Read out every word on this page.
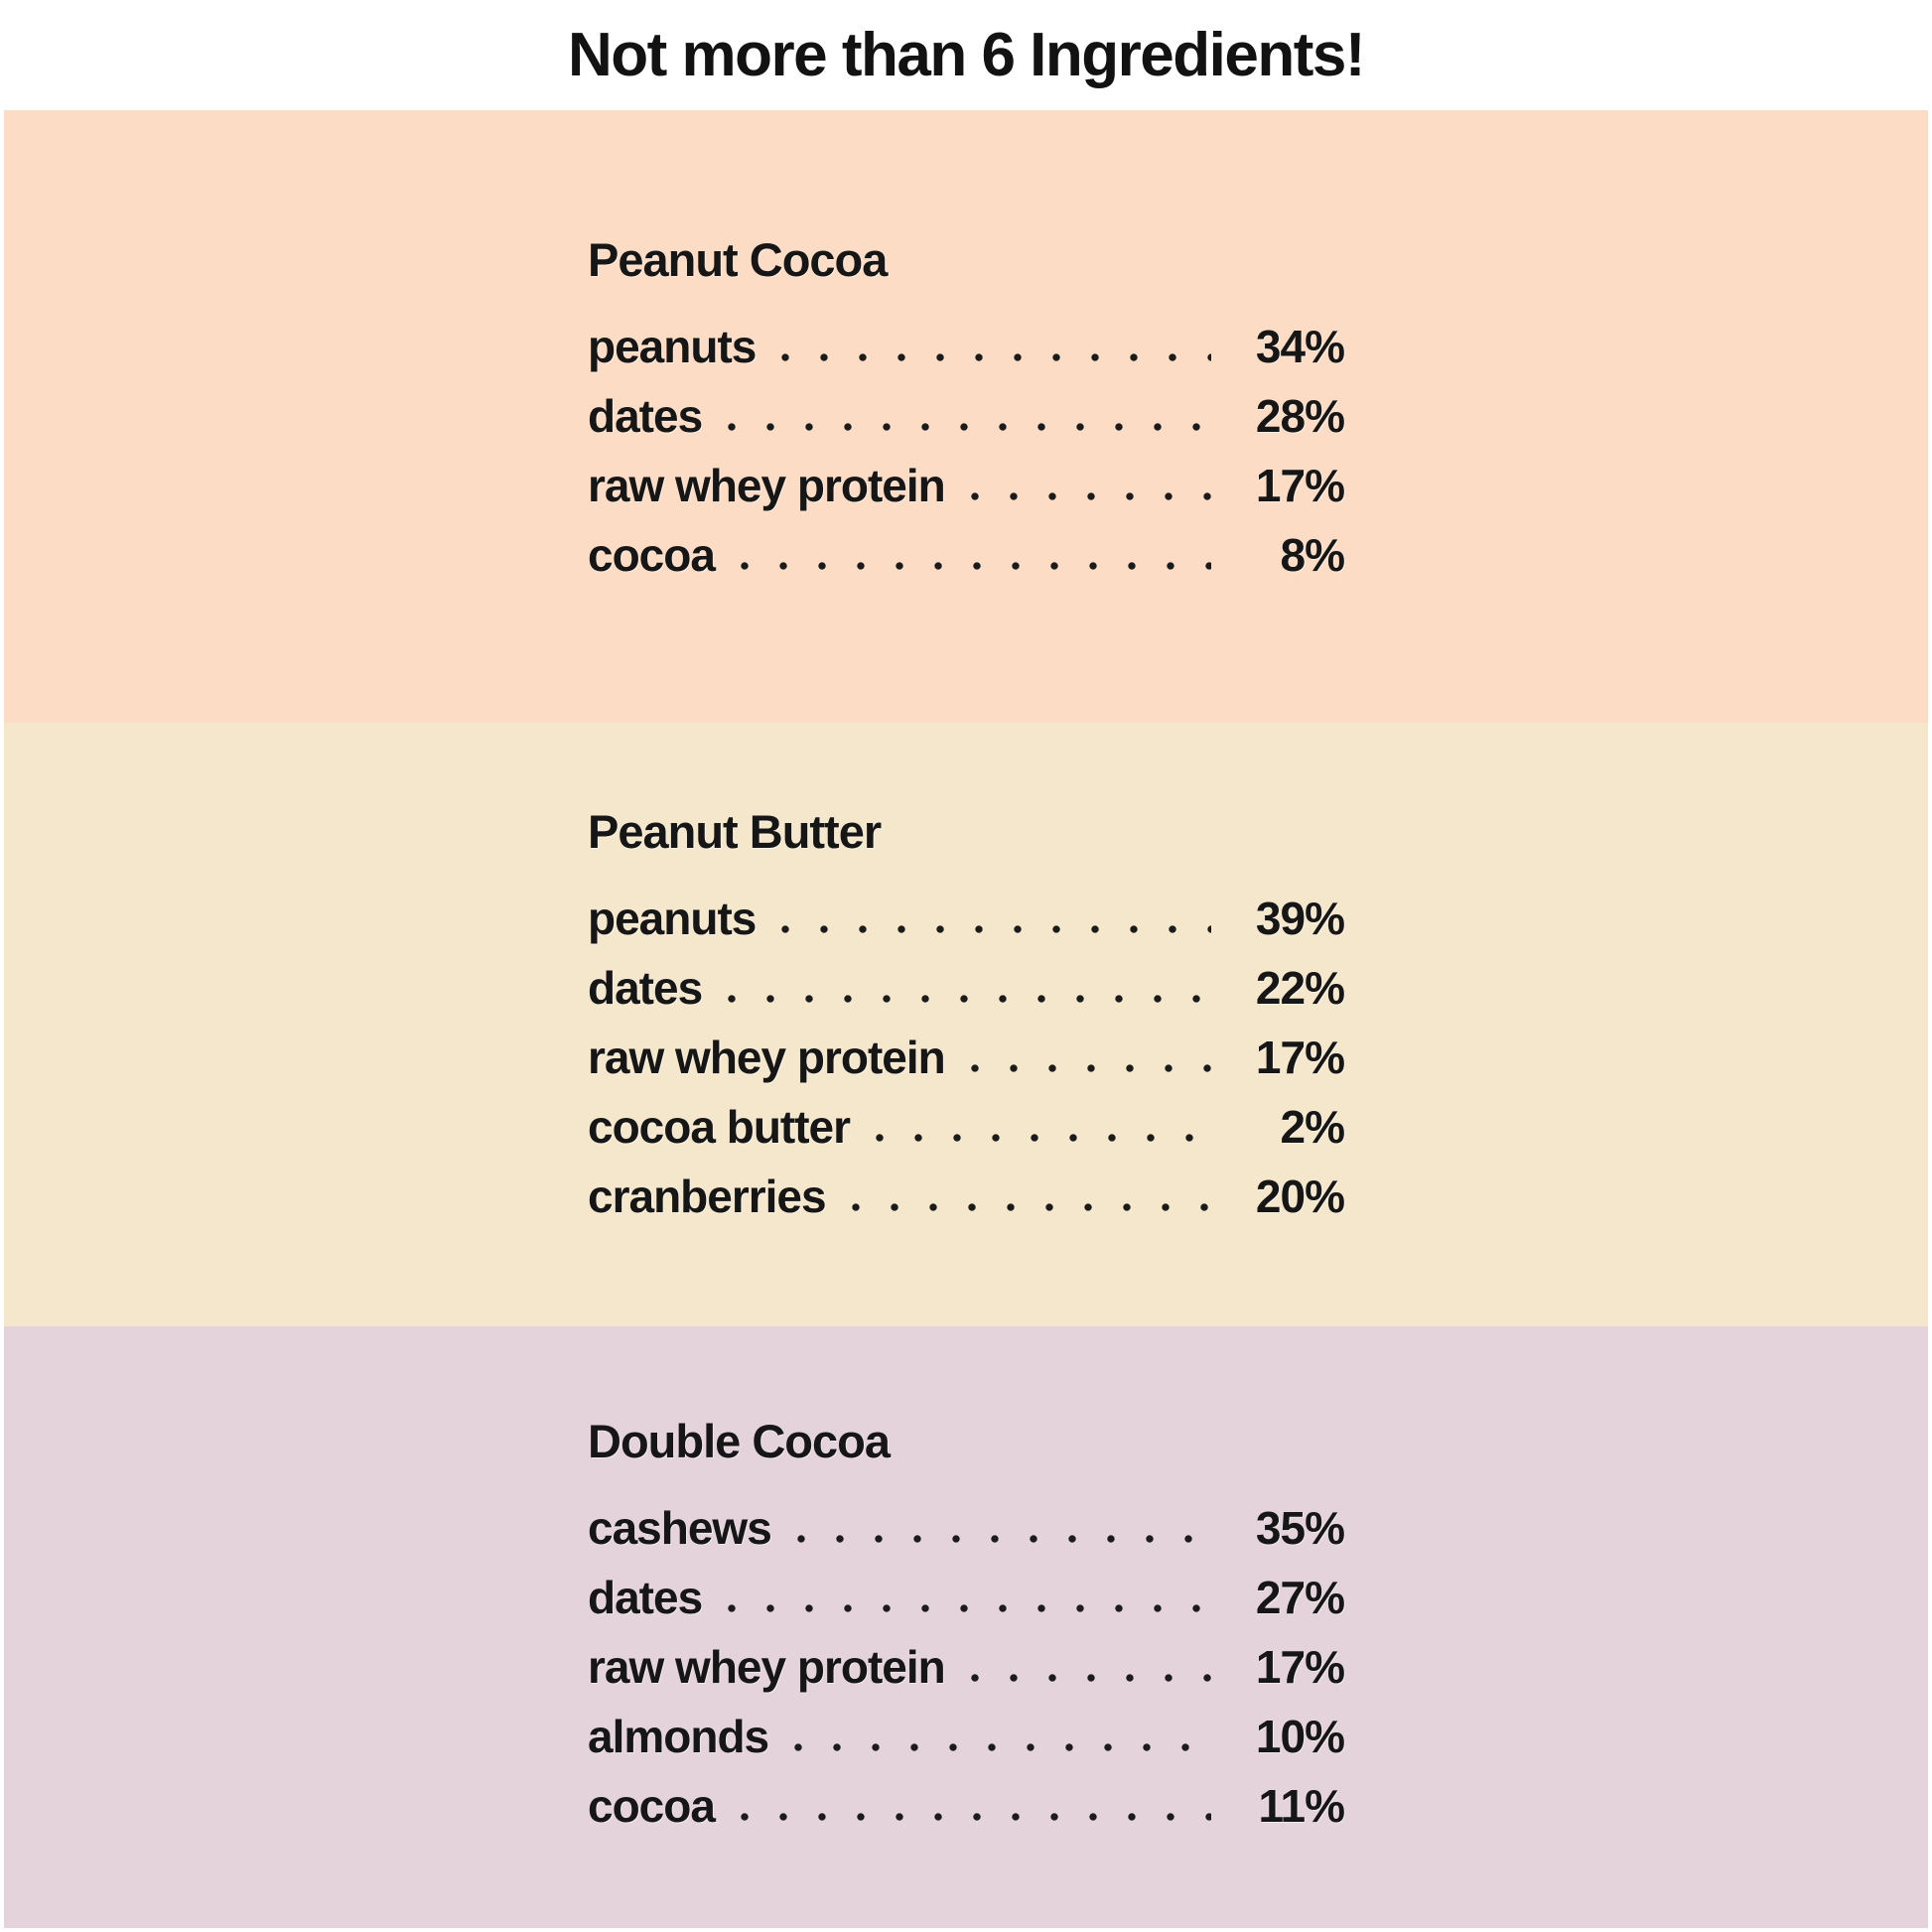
Not more than 6 Ingredients!
Peanut Cocoa
peanuts	34%
dates	28%
raw whey protein	17%
cocoa	8%
Peanut Butter
peanuts	39%
dates	22%
raw whey protein	17%
cocoa butter	2%
cranberries	20%
Double Cocoa
cashews	35%
dates	27%
raw whey protein	17%
almonds	10%
cocoa	11%
